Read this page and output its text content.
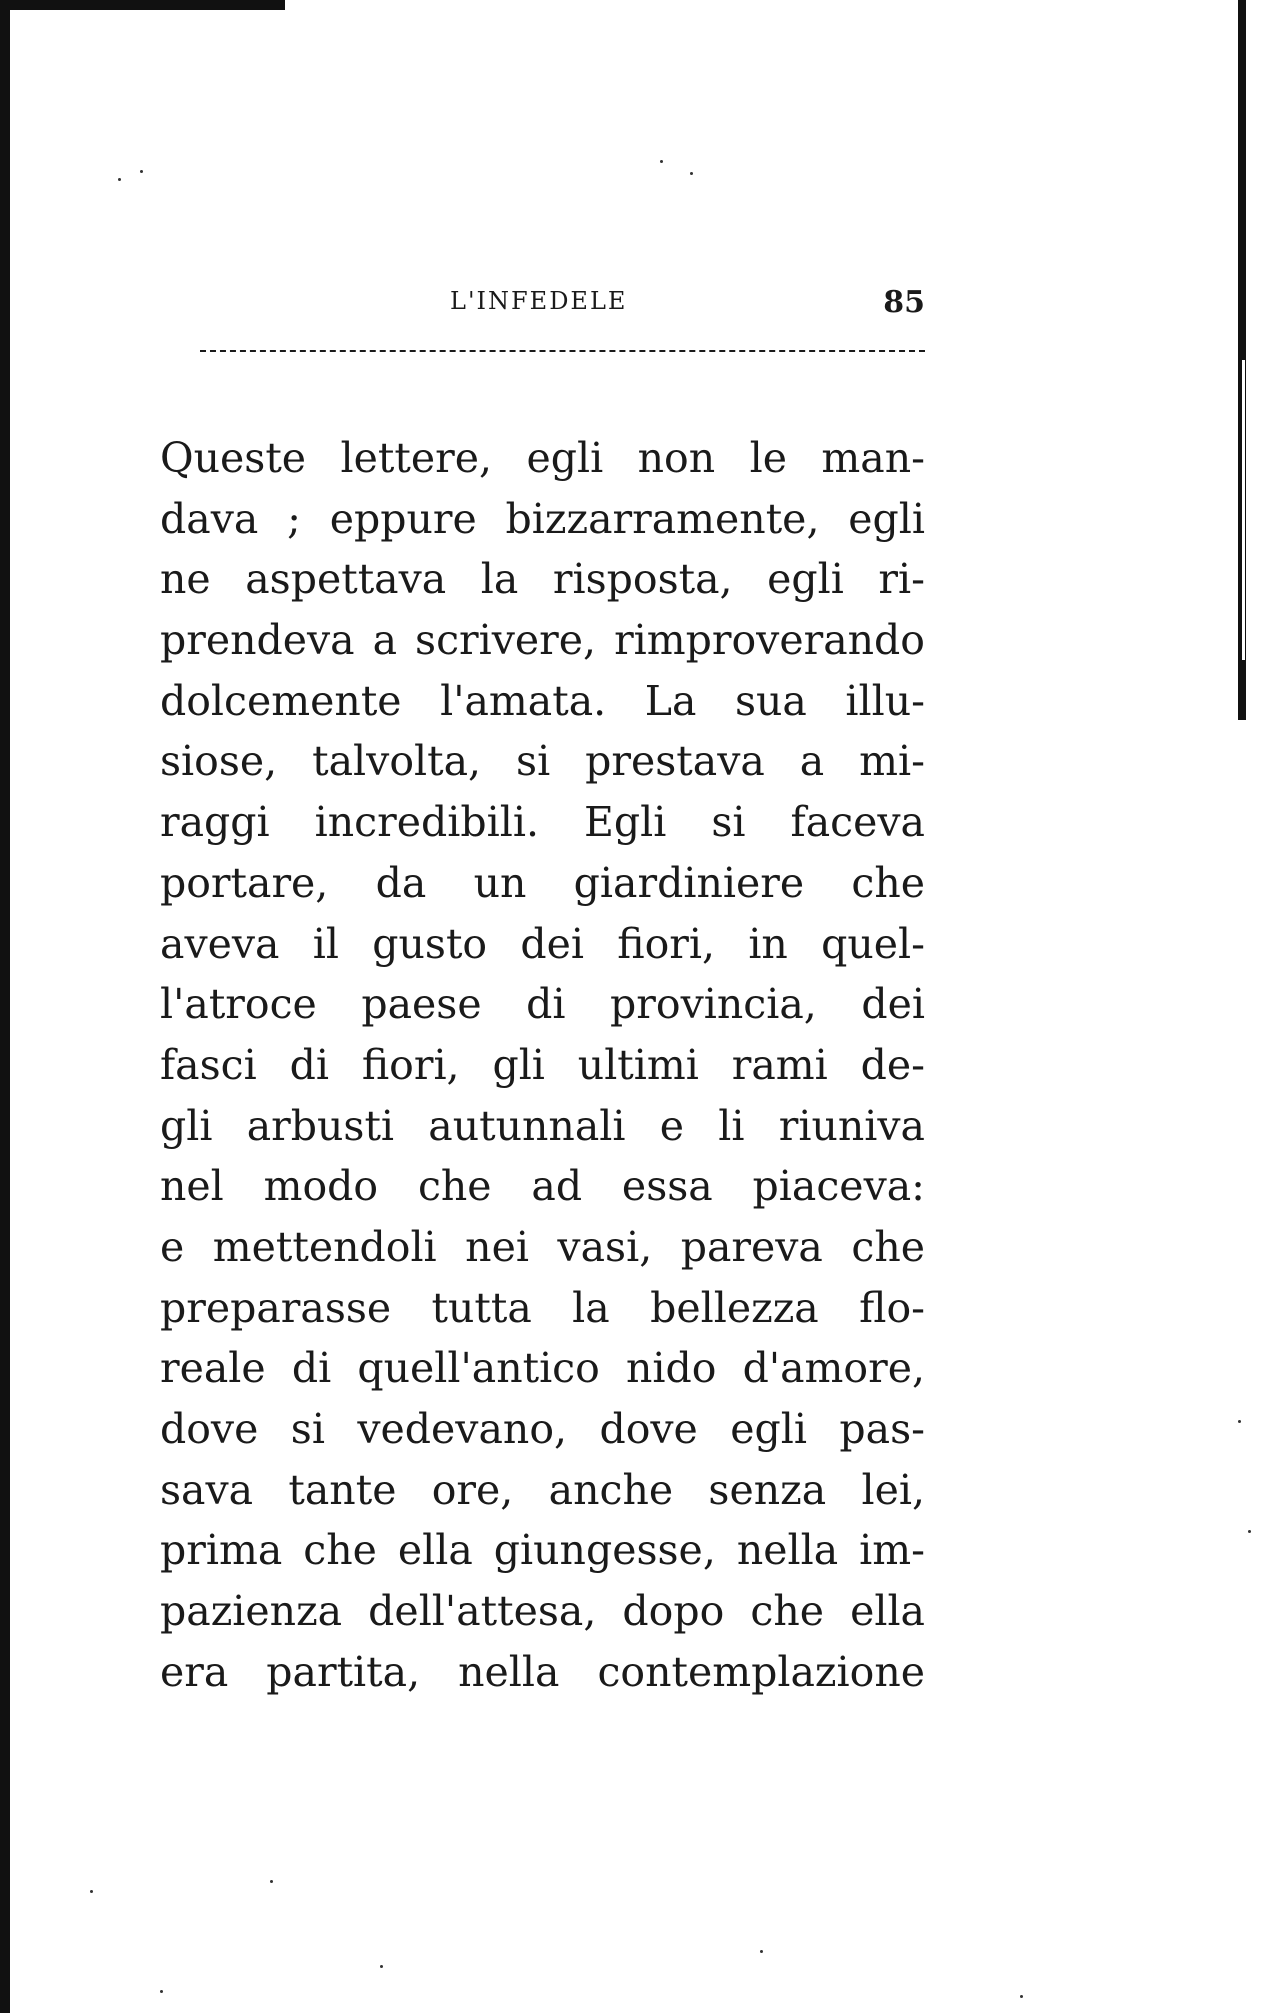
L'INFEDELE	85
Queste lettere, egli non le man-
dava ; eppure bizzarramente, egli
ne aspettava la risposta, egli ri-
prendeva a scrivere, rimproverando
dolcemente l'amata. La sua illu-
siose, talvolta, si prestava a mi-
raggi incredibili. Egli si faceva
portare, da un giardiniere che
aveva il gusto dei fiori, in quel-
l'atroce paese di provincia, dei
fasci di fiori, gli ultimi rami de-
gli arbusti autunnali e li riuniva
nel modo che ad essa piaceva:
e mettendoli nei vasi, pareva che
preparasse tutta la bellezza flo-
reale di quell'antico nido d'amore,
dove si vedevano, dove egli pas-
sava tante ore, anche senza lei,
prima che ella giungesse, nella im-
pazienza dell'attesa, dopo che ella
era partita, nella contemplazione
